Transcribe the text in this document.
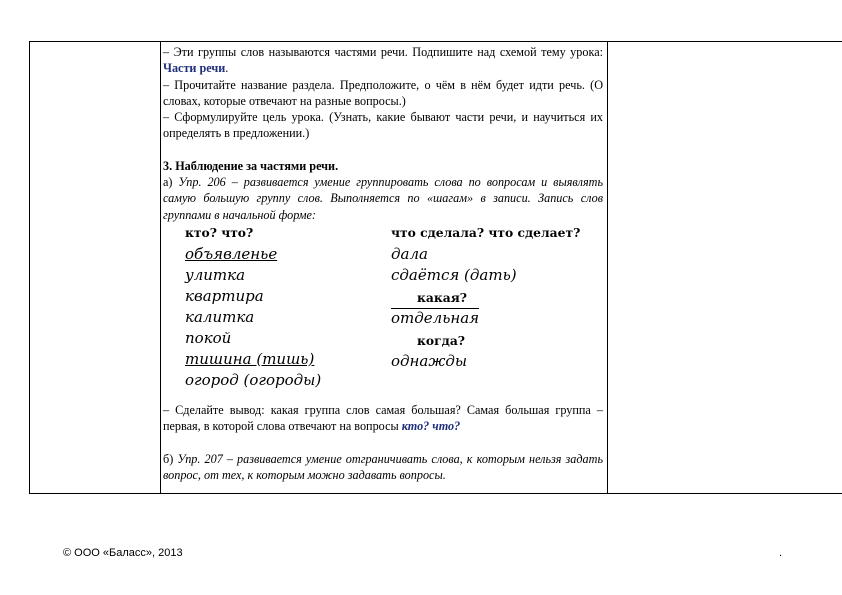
– Эти группы слов называются частями речи. Подпишите над схемой тему урока: Части речи.

– Прочитайте название раздела. Предположите, о чём в нём будет идти речь. (О словах, которые отвечают на разные вопросы.)

– Сформулируйте цель урока. (Узнать, какие бывают части речи, и научиться их определять в предложении.)

3. Наблюдение за частями речи.

а) Упр. 206 – развивается умение группировать слова по вопросам и выявлять самую большую группу слов. Выполняется по «шагам» в записи. Запись слов группами в начальной форме:

кто? что?
объявленье
улитка
квартира
калитка
покой
тишина (тишь)
огород (огороды)
что сделала? что сделает?
дала
сдаётся (дать)
какая?
отдельная
когда?
однажды

– Сделайте вывод: какая группа слов самая большая? Самая большая группа – первая, в которой слова отвечают на вопросы кто? что?

б) Упр. 207 – развивается умение отграничивать слова, к которым нельзя задать вопрос, от тех, к которым можно задавать вопросы.

© ООО «Баласс», 2013	.
